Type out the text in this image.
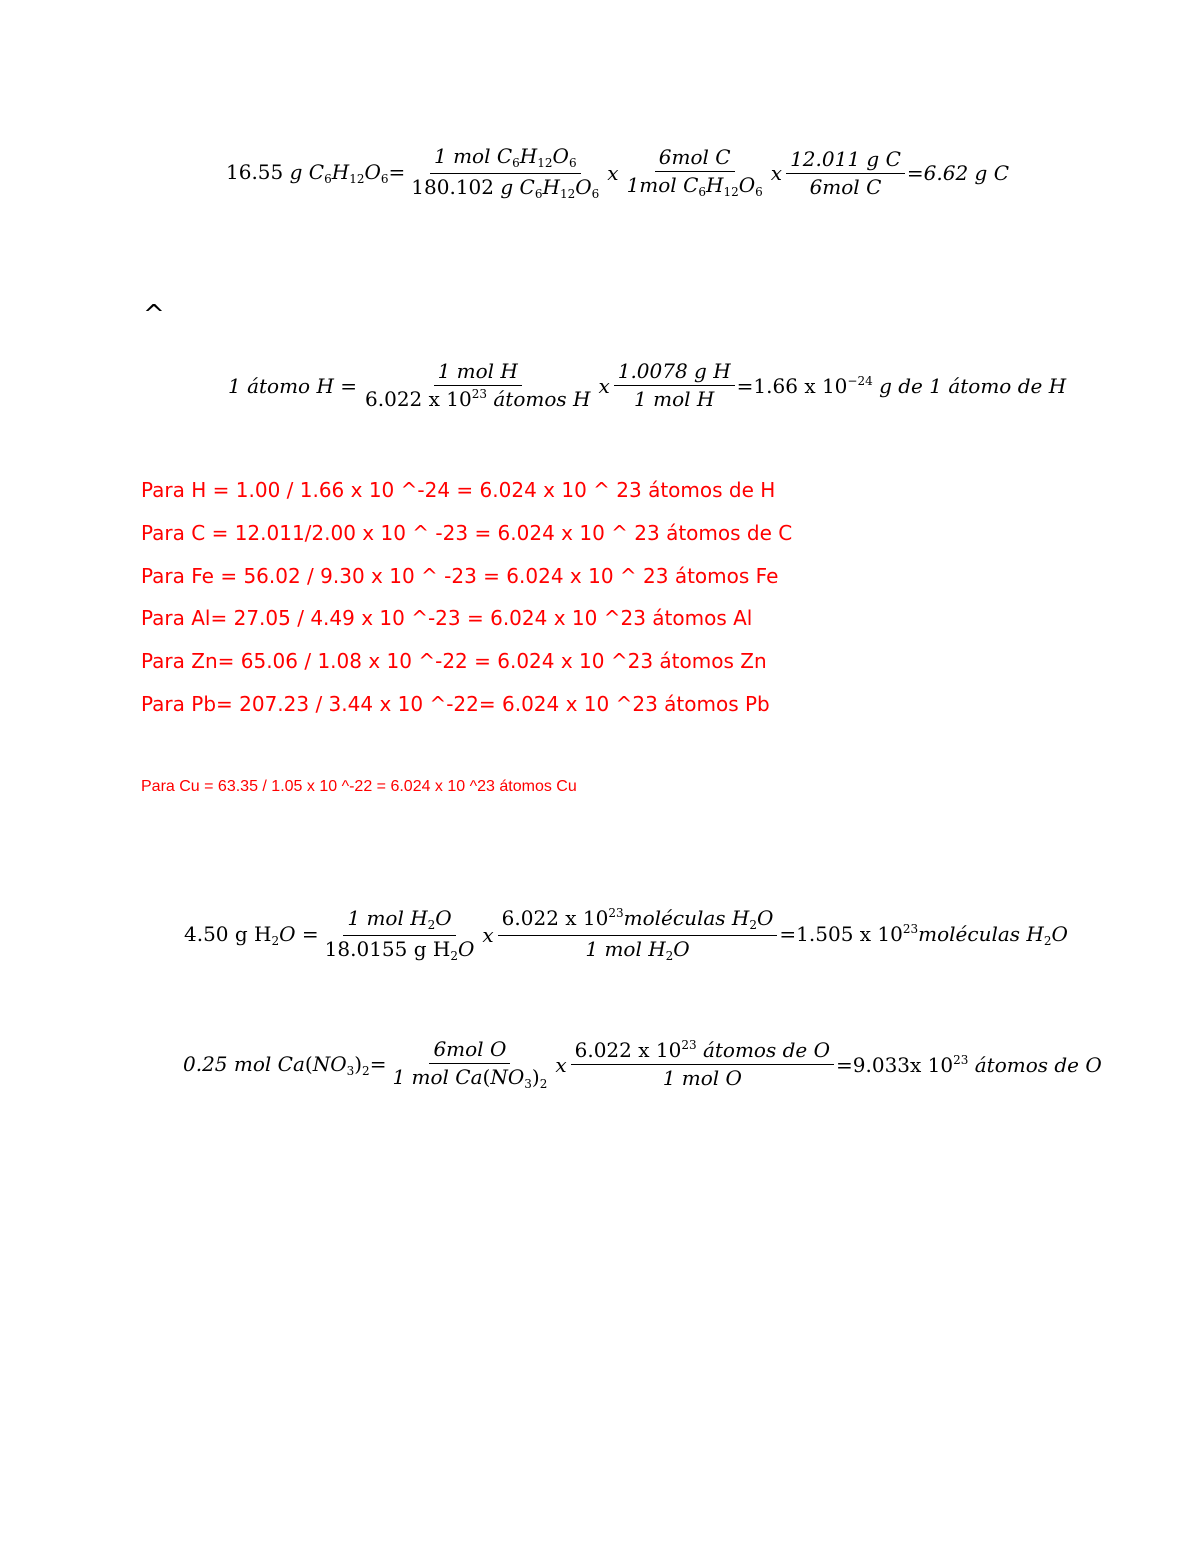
16.55 g $C_6H_{12}O_6= \frac{1 mol C_6H_{12}O_6}{180.102 g C_6H_{12}O_6}$ x $\frac{\text{6mol C}}{1mol C_6H_{12}O_6}$ x $\frac{\text{12.011 g C}}{\text{6mol C}} =6.62$ g C
^
1 átomo $H = \frac{\text{1 mol H}}{6.022 x 10^{23} átomos H}$ x $\frac{\text{1.0078 g H}}{\text{1 mol H}} =1.66$ x $10^{-24}$ g de 1 átomo de H
Para H = 1.00 / 1.66 x 10 ^-24 = 6.024 x 10 ^ 23 átomos de H
Para C = 12.011/2.00 x 10 ^ -23 = 6.024 x 10 ^ 23 átomos de C
Para Fe = 56.02 / 9.30 x 10 ^ -23 = 6.024 x 10 ^ 23 átomos Fe
Para Al= 27.05 / 4.49 x 10 ^-23 = 6.024 x 10 ^23 átomos Al
Para Zn= 65.06 / 1.08 x 10 ^-22 = 6.024 x 10 ^23 átomos Zn
Para Pb= 207.23 / 3.44 x 10 ^-22= 6.024 x 10 ^23 átomos Pb
Para Cu = 63.35 / 1.05 x 10 ^-22 = 6.024 x 10 ^23 átomos Cu
4.50 g $H_2O = \frac{1 mol H_2O}{18.0155 g H_2O}$ x $\frac{6.022 x 10^{23}moléculas H_2O}{1 mol H_2O} =1.505$ x $10^{23}moléculas$ $H_2O$
0.25 mol $Ca(NO_3)_2= \frac{\text{6mol O}}{1 mol Ca(NO_3)_2}$ x $\frac{6.022 x 10^{23} átomos de O}{\text{1 mol O}} =9.033x$ $10^{23}$ átomos de O
